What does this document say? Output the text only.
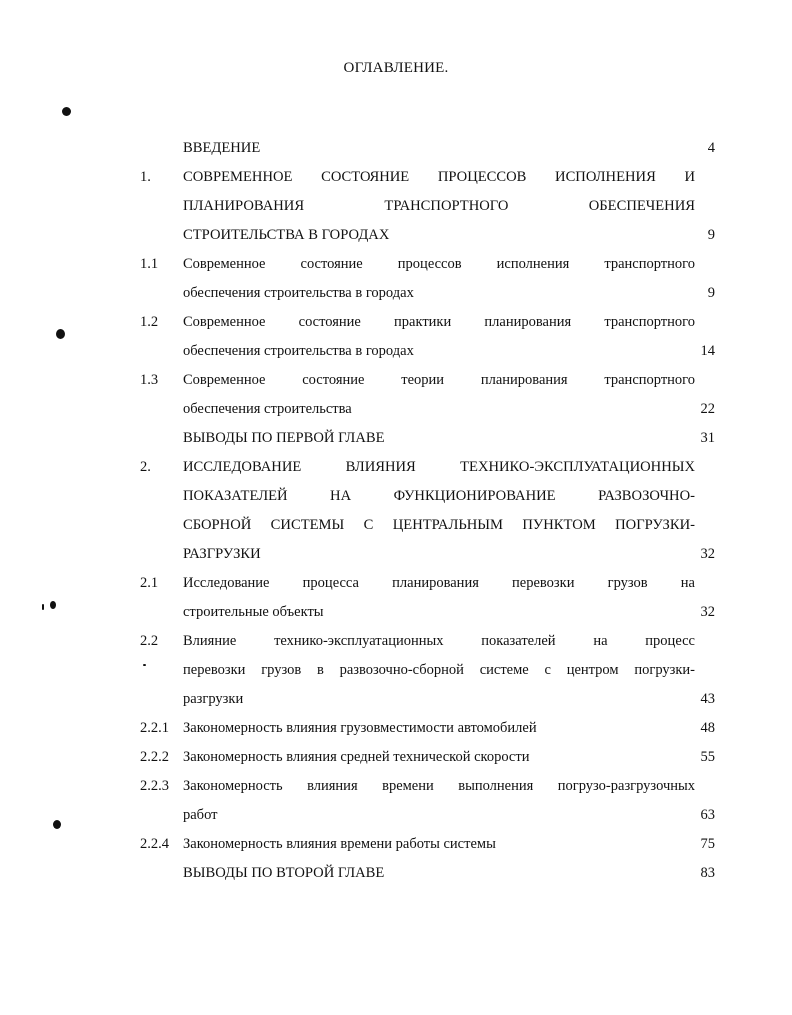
ОГЛАВЛЕНИЕ.
ВВЕДЕНИЕ	4
1. СОВРЕМЕННОЕ СОСТОЯНИЕ ПРОЦЕССОВ ИСПОЛНЕНИЯ И
ПЛАНИРОВАНИЯ ТРАНСПОРТНОГО ОБЕСПЕЧЕНИЯ
СТРОИТЕЛЬСТВА В ГОРОДАХ	9
1.1 Современное состояние процессов исполнения транспортного
обеспечения строительства в городах	9
1.2 Современное состояние практики планирования транспортного
обеспечения строительства в городах	14
1.3 Современное состояние теории планирования транспортного
обеспечения строительства	22
ВЫВОДЫ ПО ПЕРВОЙ ГЛАВЕ	31
2. ИССЛЕДОВАНИЕ ВЛИЯНИЯ ТЕХНИКО-ЭКСПЛУАТАЦИОННЫХ
ПОКАЗАТЕЛЕЙ НА ФУНКЦИОНИРОВАНИЕ РАЗВОЗОЧНО-
СБОРНОЙ СИСТЕМЫ С ЦЕНТРАЛЬНЫМ ПУНКТОМ ПОГРУЗКИ-
РАЗГРУЗКИ	32
2.1 Исследование процесса планирования перевозки грузов на
строительные объекты	32
2.2 Влияние технико-эксплуатационных показателей на процесс
перевозки грузов в развозочно-сборной системе с центром погрузки-
разгрузки	43
2.2.1 Закономерность влияния грузовместимости автомобилей	48
2.2.2 Закономерность влияния средней технической скорости	55
2.2.3 Закономерность влияния времени выполнения погрузо-разгрузочных
работ	63
2.2.4 Закономерность влияния времени работы системы	75
ВЫВОДЫ ПО ВТОРОЙ ГЛАВЕ	83
